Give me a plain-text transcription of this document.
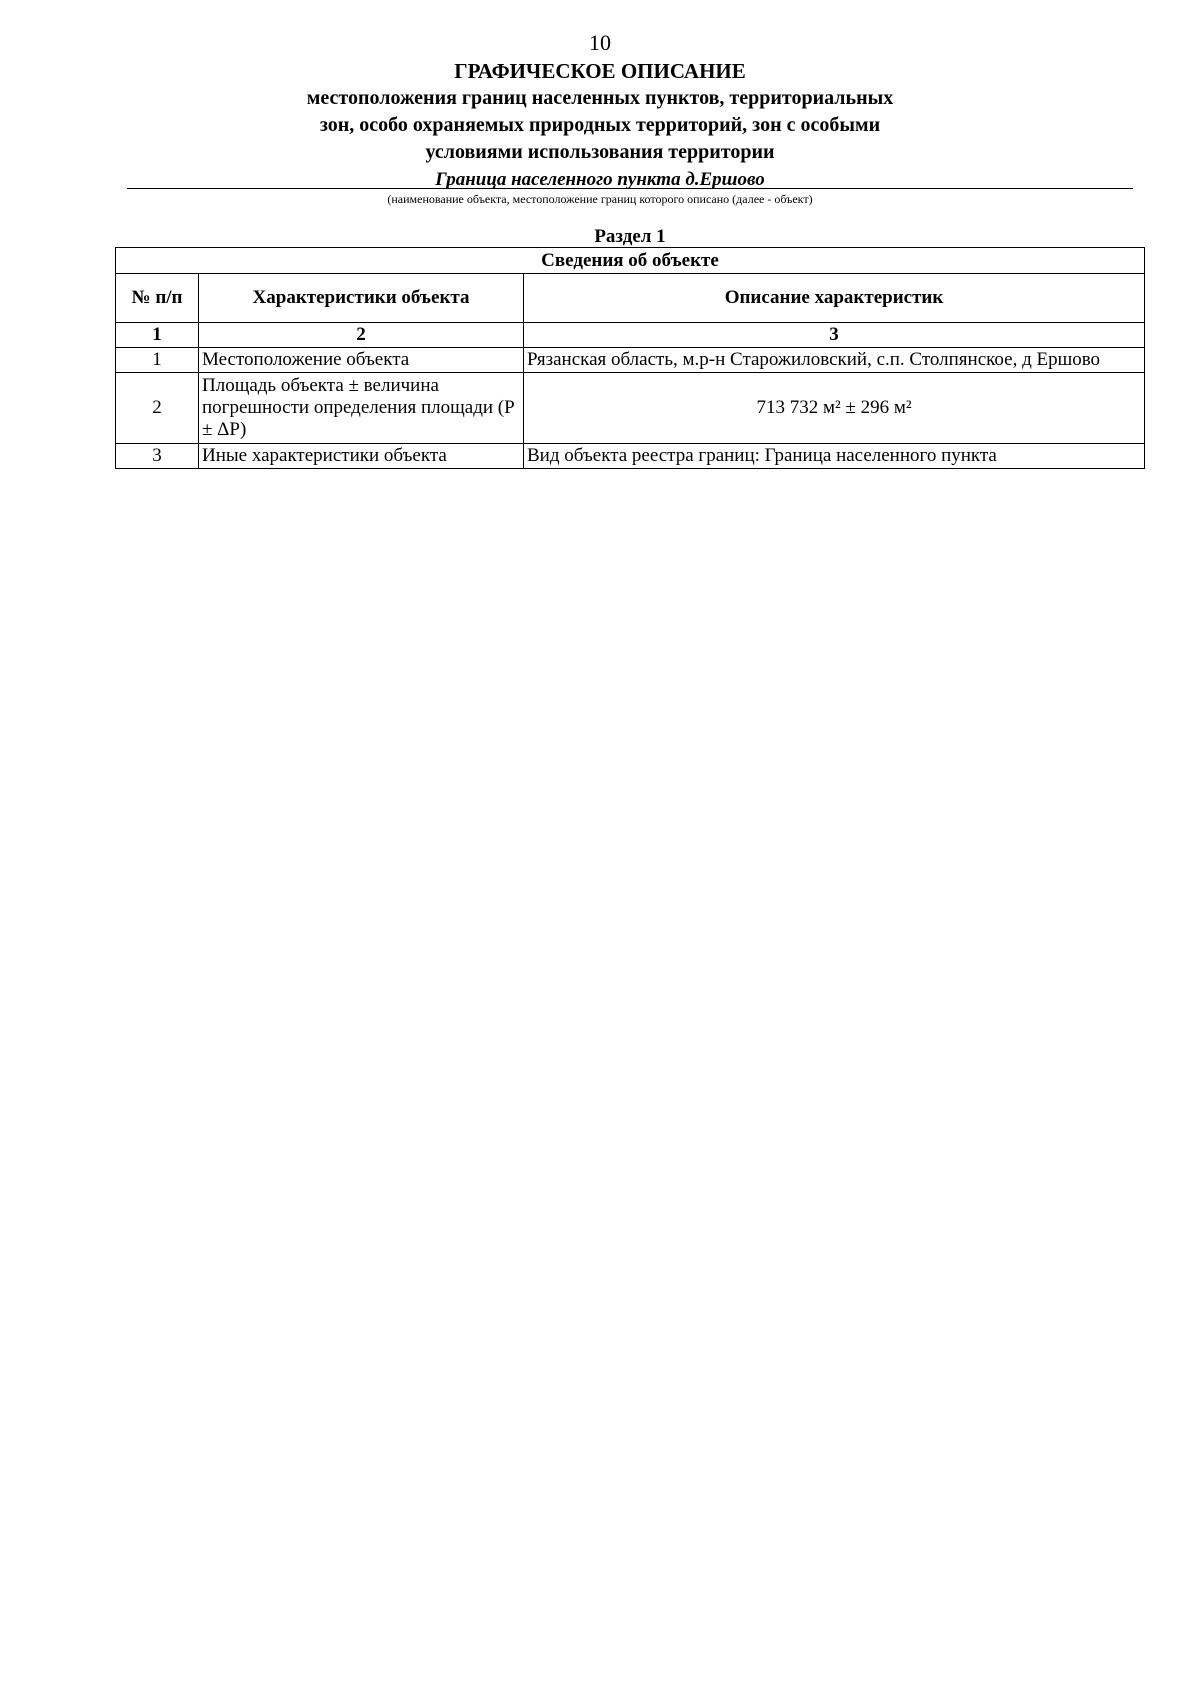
10
ГРАФИЧЕСКОЕ ОПИСАНИЕ
местоположения границ населенных пунктов, территориальных
зон, особо охраняемых природных территорий, зон с особыми
условиями использования территории
Граница населенного пункта д.Ершово
(наименование объекта, местоположение границ которого описано (далее - объект)
Раздел 1
Сведения об объекте		
№ п/п	Характеристики объекта	Описание характеристик
1	2	3
1	Местоположение объекта	Рязанская область, м.р-н Старожиловский, с.п. Столпянское, д Ершово
2	Площадь объекта ± величина погрешности определения площади (P ± ΔP)	713 732 м² ± 296 м²
3	Иные характеристики объекта	Вид объекта реестра границ: Граница населенного пункта
